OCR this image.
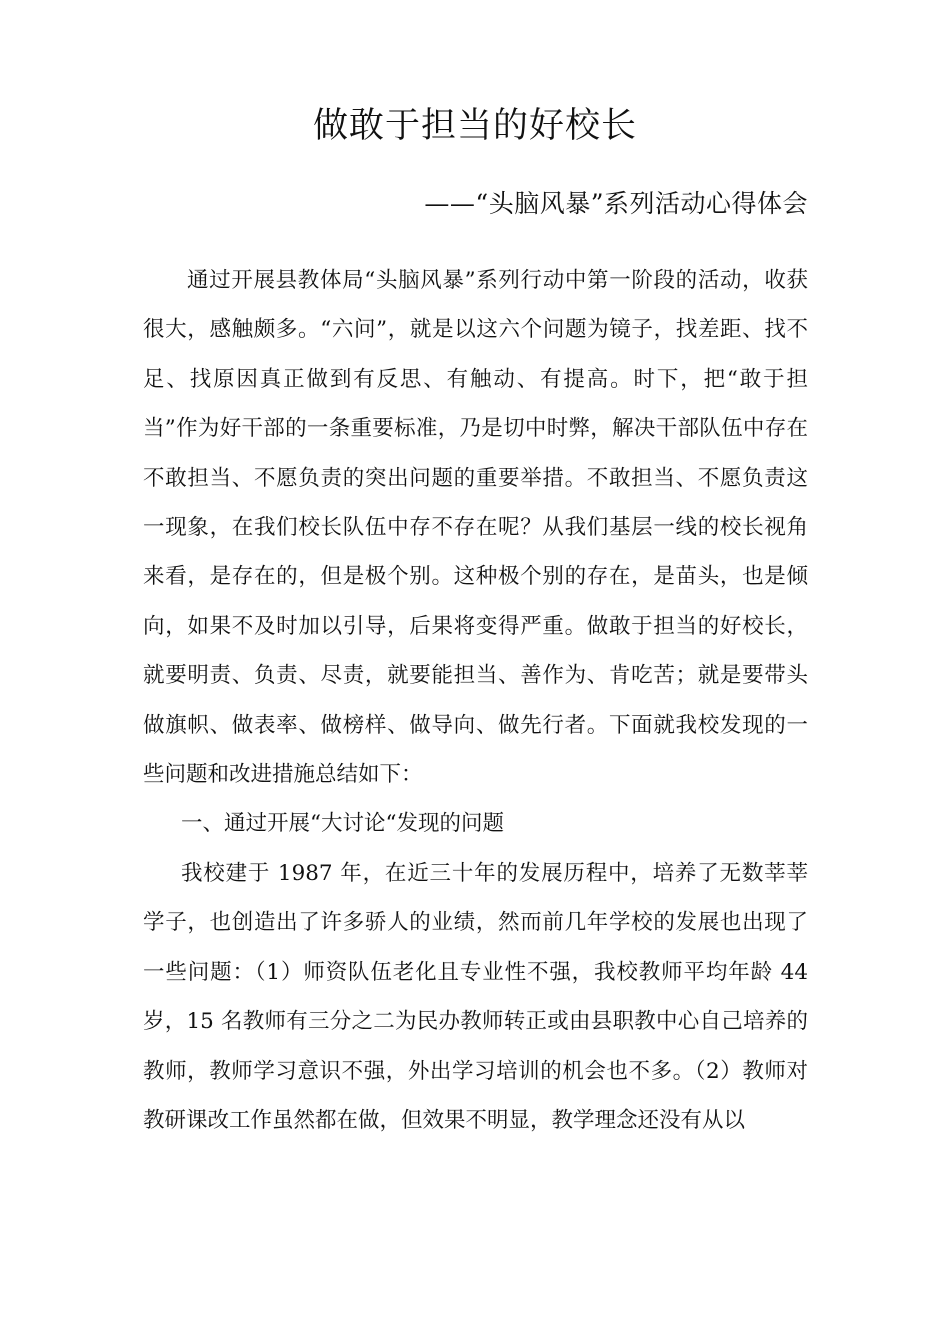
做敢于担当的好校长
——“头脑风暴”系列活动心得体会

通过开展县教体局“头脑风暴”系列行动中第一阶段的活动，收获很大，感触颇多。“六问”，就是以这六个问题为镜子，找差距、找不足、找原因真正做到有反思、有触动、有提高。时下，把“敢于担当”作为好干部的一条重要标准，乃是切中时弊，解决干部队伍中存在不敢担当、不愿负责的突出问题的重要举措。不敢担当、不愿负责这一现象，在我们校长队伍中存不存在呢？从我们基层一线的校长视角来看，是存在的，但是极个别。这种极个别的存在，是苗头，也是倾向，如果不及时加以引导，后果将变得严重。做敢于担当的好校长，就要明责、负责、尽责，就要能担当、善作为、肯吃苦；就是要带头做旗帜、做表率、做榜样、做导向、做先行者。下面就我校发现的一些问题和改进措施总结如下：

一、通过开展“大讨论“发现的问题

我校建于 1987 年，在近三十年的发展历程中，培养了无数莘莘学子，也创造出了许多骄人的业绩，然而前几年学校的发展也出现了一些问题：（1）师资队伍老化且专业性不强，我校教师平均年龄 44 岁，15 名教师有三分之二为民办教师转正或由县职教中心自己培养的教师，教师学习意识不强，外出学习培训的机会也不多。（2）教师对教研课改工作虽然都在做，但效果不明显，教学理念还没有从以
